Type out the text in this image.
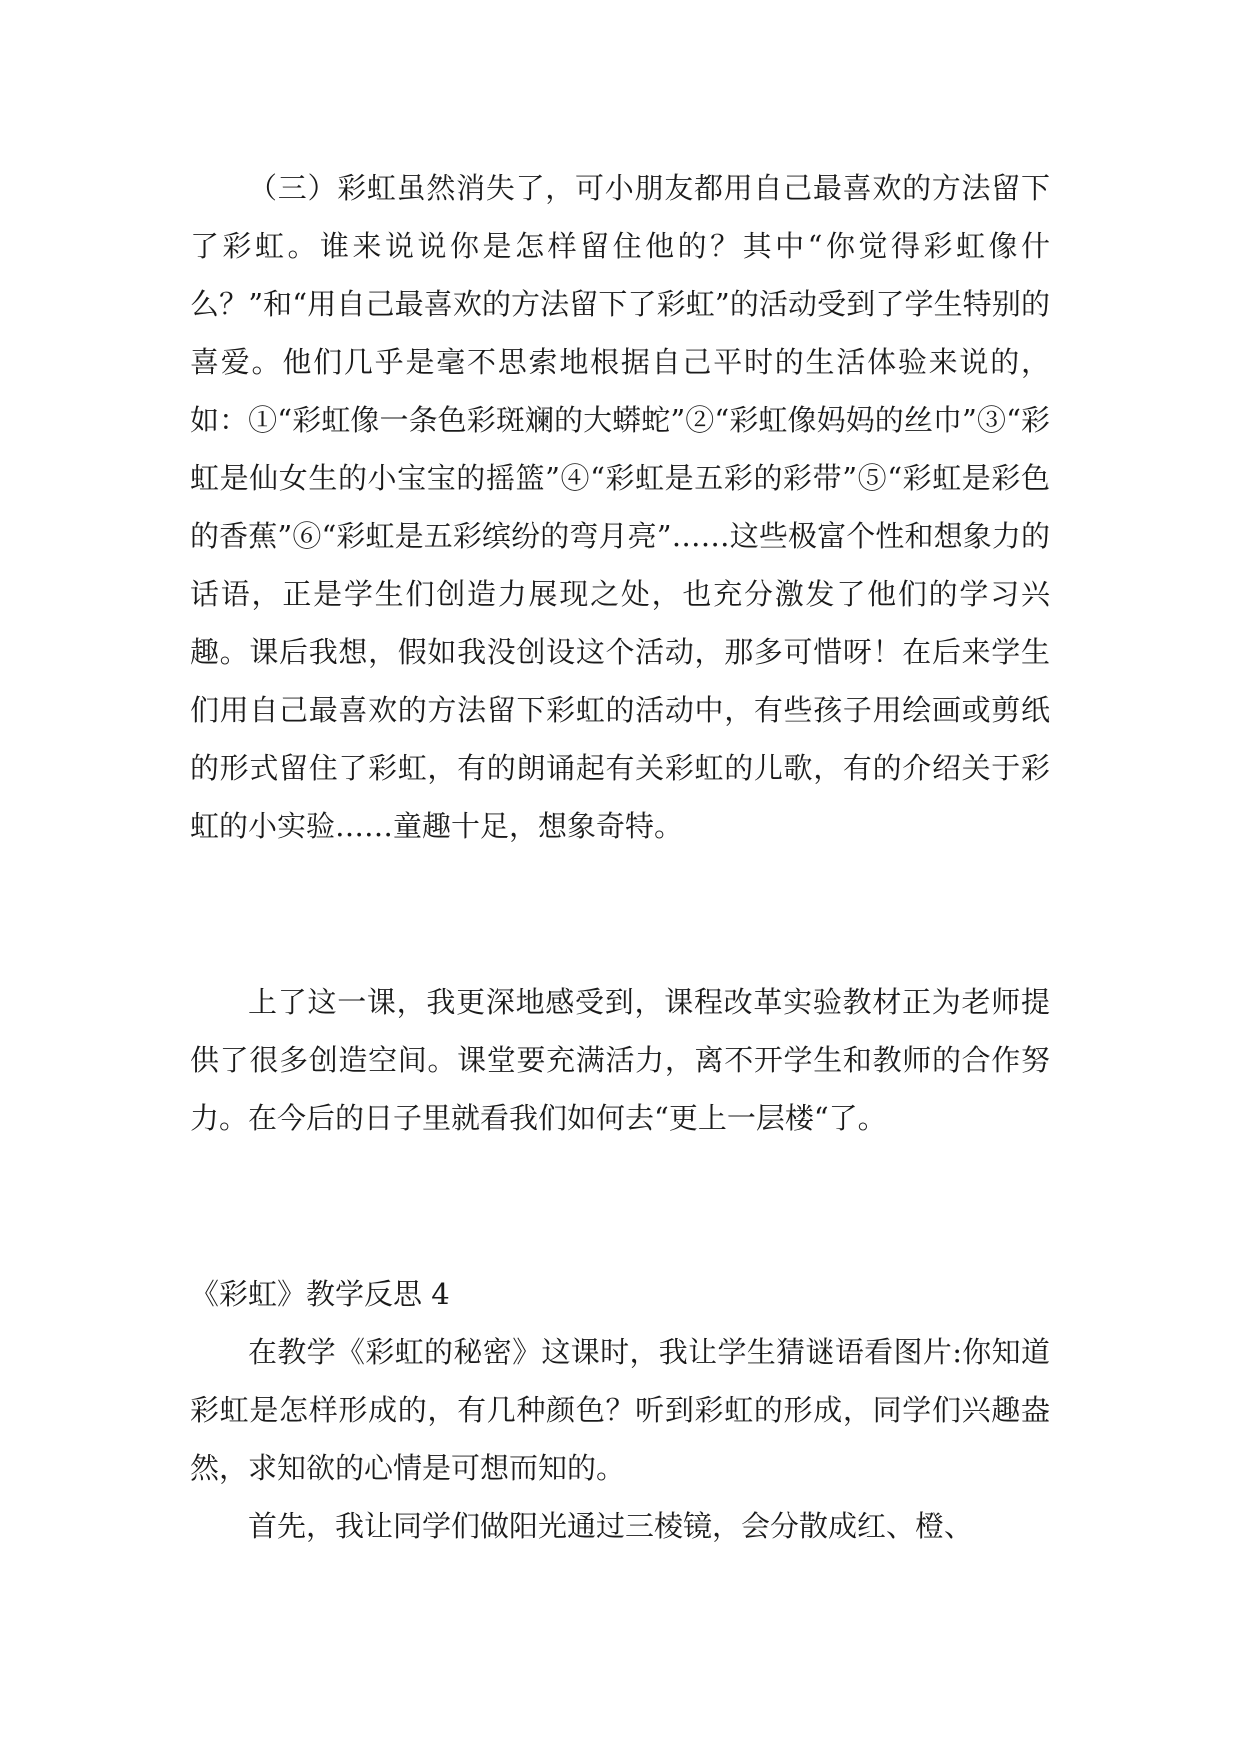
（三）彩虹虽然消失了，可小朋友都用自己最喜欢的方法留下了彩虹。谁来说说你是怎样留住他的？其中“你觉得彩虹像什么？”和“用自己最喜欢的方法留下了彩虹”的活动受到了学生特别的喜爱。他们几乎是毫不思索地根据自己平时的生活体验来说的，如：①“彩虹像一条色彩斑斓的大蟒蛇”②“彩虹像妈妈的丝巾”③“彩虹是仙女生的小宝宝的摇篮”④“彩虹是五彩的彩带”⑤“彩虹是彩色的香蕉”⑥“彩虹是五彩缤纷的弯月亮”……这些极富个性和想象力的话语，正是学生们创造力展现之处，也充分激发了他们的学习兴趣。课后我想，假如我没创设这个活动，那多可惜呀！在后来学生们用自己最喜欢的方法留下彩虹的活动中，有些孩子用绘画或剪纸的形式留住了彩虹，有的朗诵起有关彩虹的儿歌，有的介绍关于彩虹的小实验……童趣十足，想象奇特。

上了这一课，我更深地感受到，课程改革实验教材正为老师提供了很多创造空间。课堂要充满活力，离不开学生和教师的合作努力。在今后的日子里就看我们如何去“更上一层楼“了。

《彩虹》教学反思 4

在教学《彩虹的秘密》这课时，我让学生猜谜语看图片:你知道彩虹是怎样形成的，有几种颜色？听到彩虹的形成，同学们兴趣盎然，求知欲的心情是可想而知的。

首先，我让同学们做阳光通过三棱镜，会分散成红、橙、
